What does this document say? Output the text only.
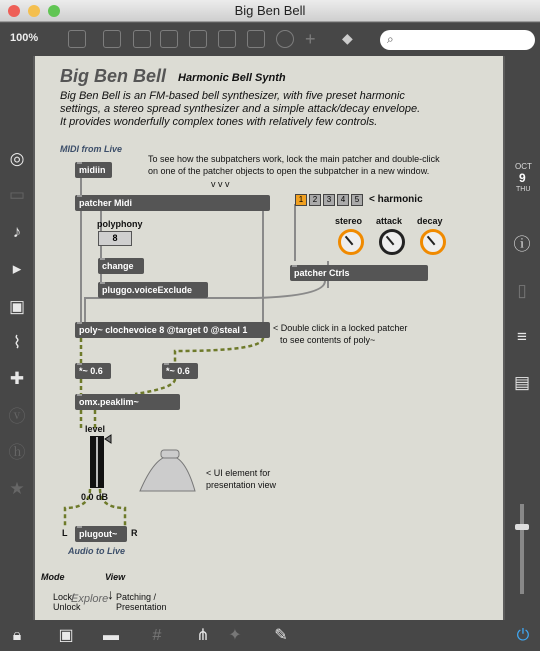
Big Ben Bell
100%	+	◆	⌕
◎
▭
♪
▸
▣
⌇
✚
ⓥ
ⓗ
★
OCT
9
THU
ⓘ
▯
≡
▤
Big Ben Bell Harmonic Bell Synth
Big Ben Bell is an FM-based bell synthesizer, with five preset harmonic
settings, a stereo spread synthesizer and a simple attack/decay envelope.
It provides wonderfully complex tones with relatively few controls.
MIDI from Live
To see how the subpatchers work, lock the main patcher and double-click
on one of the patcher objects to open the subpatcher in a new window.
v v v
midiin
patcher Midi
polyphony
8
change
pluggo.voiceExclude
1	2	3	4	5 < harmonic
stereo attack decay
patcher Ctrls
poly~ clochevoice 8 @target 0 @steal 1	< Double click in a locked patcher
to see contents of poly~
*~ 0.6	*~ 0.6
omx.peaklim~
level
0.0 dB
< UI element for
presentation view
L	plugout~	R
Audio to Live
Mode	View
Lock/
Unlock
Explore
↓ Patching /
Presentation
🔒︎	▣ ▬	#	⋔ ✦ ✎	⏻
